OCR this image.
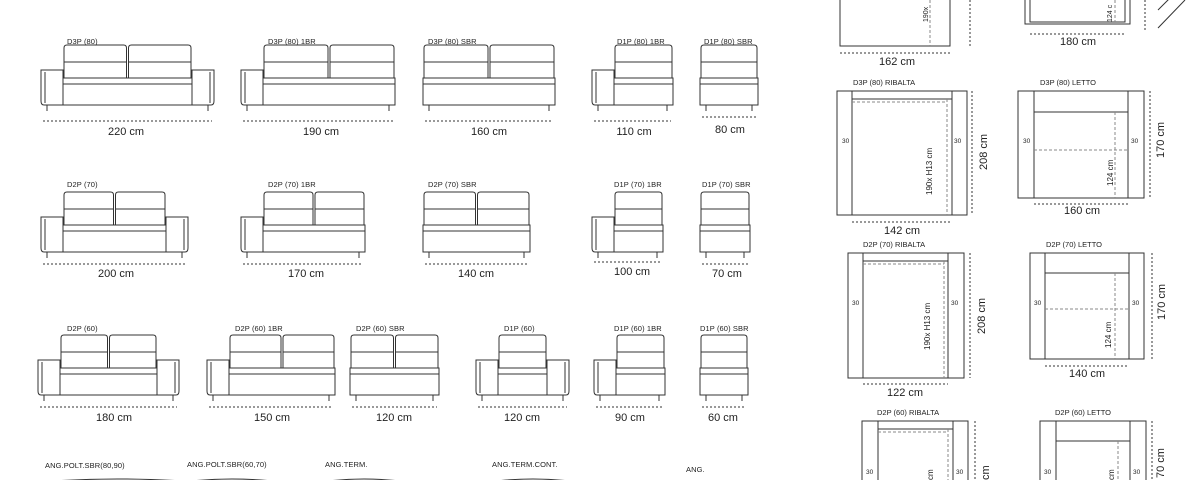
D3P (80)	D3P (80) 1BR	D3P (80) SBR	D1P (80) 1BR	D1P (80) SBR
220 cm	190 cm	160 cm	110 cm	80 cm
D2P (70)	D2P (70) 1BR	D2P (70) SBR	D1P (70) 1BR	D1P (70) SBR
200 cm	170 cm	140 cm	100 cm	70 cm
D2P (60)	D2P (60) 1BR	D2P (60) SBR	D1P (60)	D1P (60) 1BR	D1P (60) SBR
180 cm	150 cm	120 cm	120 cm	90 cm	60 cm
ANG.POLT.SBR(80,90)	ANG.POLT.SBR(60,70)	ANG.TERM.	ANG.TERM.CONT.
ANG.
162 cm
190x
180 cm
124 c
D3P (80) RIBALTA
30	30
190x H13 cm	208 cm
142 cm
D3P (80) LETTO
30	30
124 cm
170 cm
160 cm
D2P (70) RIBALTA
30	30
190x H13 cm	208 cm
122 cm
D2P (70) LETTO
30	30
124 cm
170 cm
140 cm
D2P (60) RIBALTA
30	30
cm	cm
D2P (60) LETTO
30	30
cm	70 cm
